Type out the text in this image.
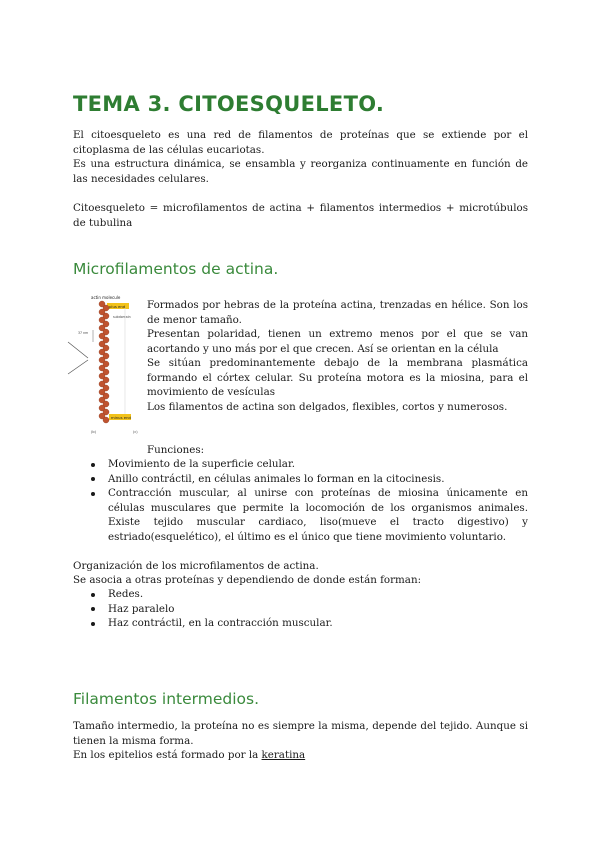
TEMA 3. CITOESQUELETO.

El citoesqueleto es una red de filamentos de proteínas que se extiende por el citoplasma de las células eucariotas.

Es una estructura dinámica, se ensambla y reorganiza continuamente en función de las necesidades celulares.

Citoesqueleto = microfilamentos de actina + filamentos intermedios + microtúbulos de tubulina

Microfilamentos de actina.
actin molecule
plus end
subdomain
37 nm
minus end
(b)	(c)

Formados por hebras de la proteína actina, trenzadas en hélice. Son los de menor tamaño.

Presentan polaridad, tienen un extremo menos por el que se van acortando y uno más por el que crecen. Así se orientan en la célula

Se sitúan predominantemente debajo de la membrana plasmática formando el córtex celular. Su proteína motora es la miosina, para el movimiento de vesículas

Los filamentos de actina son delgados, flexibles, cortos y numerosos.

Funciones:

Movimiento de la superficie celular.
Anillo contráctil, en células animales lo forman en la citocinesis.
Contracción muscular, al unirse con proteínas de miosina únicamente en células musculares que permite la locomoción de los organismos animales. Existe tejido muscular cardiaco, liso(mueve el tracto digestivo) y estriado(esquelético), el último es el único que tiene movimiento voluntario.

Organización de los microfilamentos de actina.

Se asocia a otras proteínas y dependiendo de donde están forman:

Redes.
Haz paralelo
Haz contráctil, en la contracción muscular.
Filamentos intermedios.

Tamaño intermedio, la proteína no es siempre la misma, depende del tejido. Aunque si tienen la misma forma.

En los epitelios está formado por la keratina
